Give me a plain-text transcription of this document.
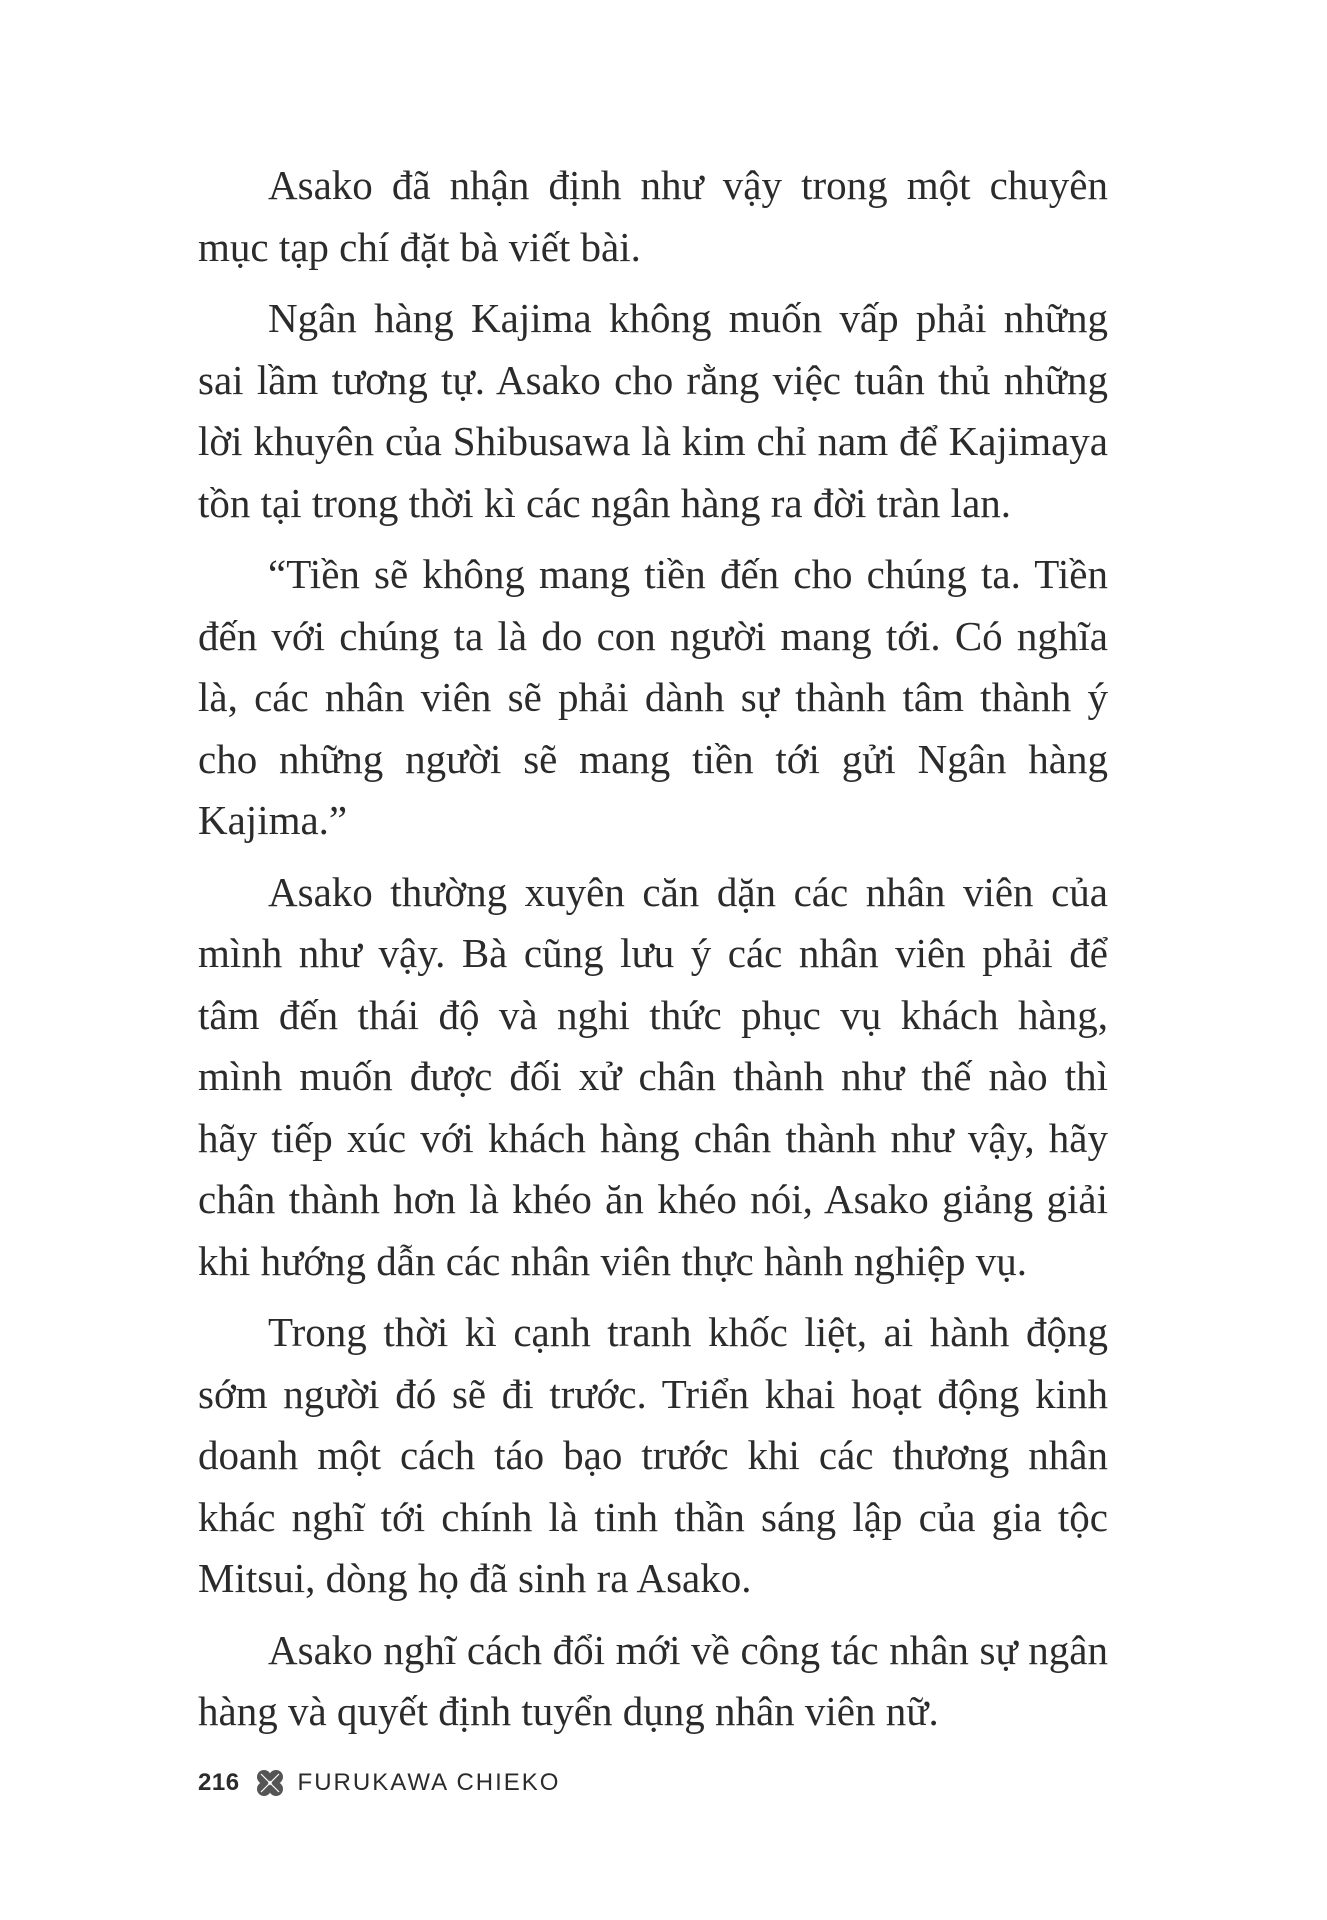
Asako đã nhận định như vậy trong một chuyên mục tạp chí đặt bà viết bài.

Ngân hàng Kajima không muốn vấp phải những sai lầm tương tự. Asako cho rằng việc tuân thủ những lời khuyên của Shibusawa là kim chỉ nam để Kajimaya tồn tại trong thời kì các ngân hàng ra đời tràn lan.

“Tiền sẽ không mang tiền đến cho chúng ta. Tiền đến với chúng ta là do con người mang tới. Có nghĩa là, các nhân viên sẽ phải dành sự thành tâm thành ý cho những người sẽ mang tiền tới gửi Ngân hàng Kajima.”

Asako thường xuyên căn dặn các nhân viên của mình như vậy. Bà cũng lưu ý các nhân viên phải để tâm đến thái độ và nghi thức phục vụ khách hàng, mình muốn được đối xử chân thành như thế nào thì hãy tiếp xúc với khách hàng chân thành như vậy, hãy chân thành hơn là khéo ăn khéo nói, Asako giảng giải khi hướng dẫn các nhân viên thực hành nghiệp vụ.

Trong thời kì cạnh tranh khốc liệt, ai hành động sớm người đó sẽ đi trước. Triển khai hoạt động kinh doanh một cách táo bạo trước khi các thương nhân khác nghĩ tới chính là tinh thần sáng lập của gia tộc Mitsui, dòng họ đã sinh ra Asako.

Asako nghĩ cách đổi mới về công tác nhân sự ngân hàng và quyết định tuyển dụng nhân viên nữ.

216 FURUKAWA CHIEKO
